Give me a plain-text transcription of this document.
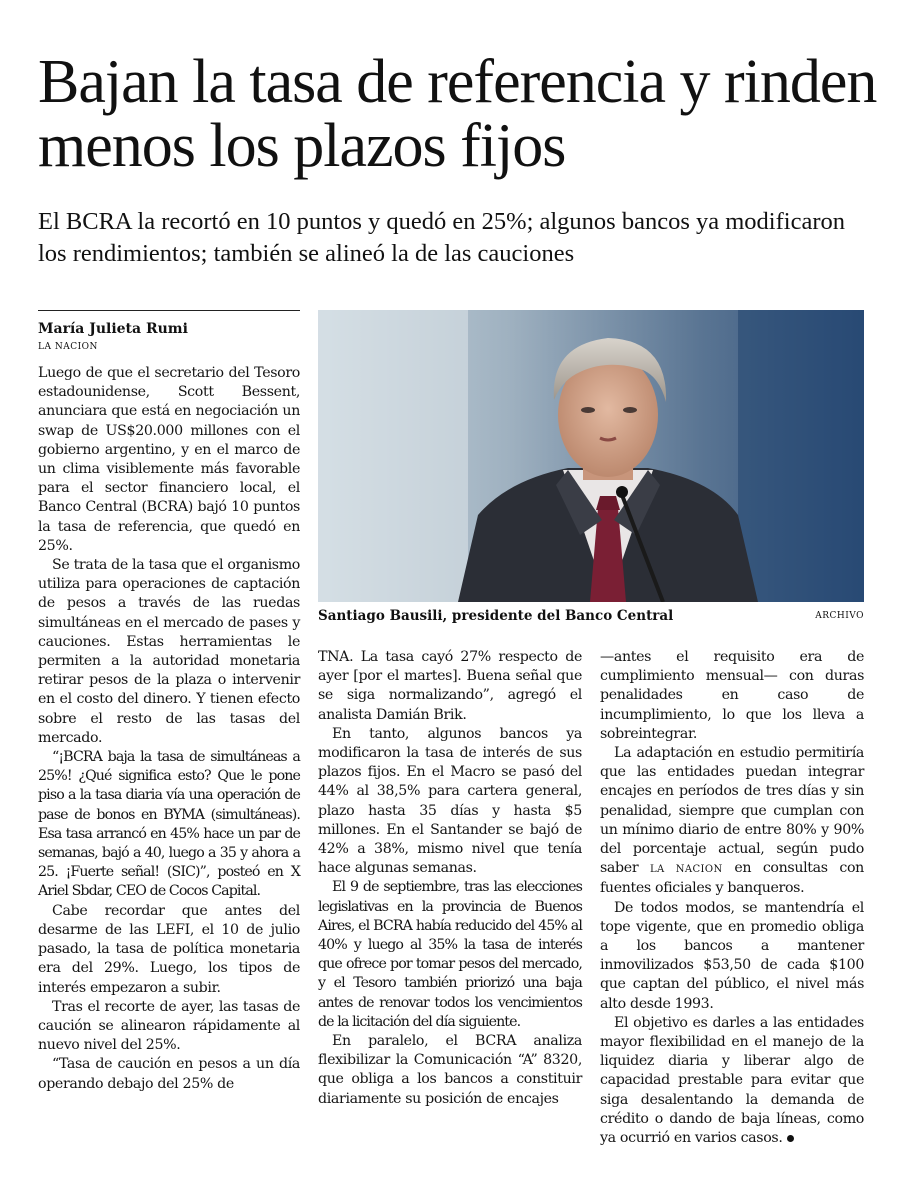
Bajan la tasa de referencia y rinden menos los plazos fijos
El BCRA la recortó en 10 puntos y quedó en 25%; algunos bancos ya modificaron los rendimientos; también se alineó la de las cauciones
María Julieta Rumi
LA NACION
Santiago Bausili, presidente del Banco Central	ARCHIVO

Luego de que el secretario del Tesoro estadounidense, Scott Bessent, anunciara que está en negociación un swap de US$20.000 millones con el gobierno argentino, y en el marco de un clima visiblemente más favorable para el sector financiero local, el Banco Central (BCRA) bajó 10 puntos la tasa de referencia, que quedó en 25%.

Se trata de la tasa que el organismo utiliza para operaciones de captación de pesos a través de las ruedas simultáneas en el mercado de pases y cauciones. Estas herramientas le permiten a la autoridad monetaria retirar pesos de la plaza o intervenir en el costo del dinero. Y tienen efecto sobre el resto de las tasas del mercado.

“¡BCRA baja la tasa de simultáneas a 25%! ¿Qué significa esto? Que le pone piso a la tasa diaria vía una operación de pase de bonos en BYMA (simultáneas). Esa tasa arrancó en 45% hace un par de semanas, bajó a 40, luego a 35 y ahora a 25. ¡Fuerte señal! (SIC)”, posteó en X Ariel Sbdar, CEO de Cocos Capital.

Cabe recordar que antes del desarme de las LEFI, el 10 de julio pasado, la tasa de política monetaria era del 29%. Luego, los tipos de interés empezaron a subir.

Tras el recorte de ayer, las tasas de caución se alinearon rápidamente al nuevo nivel del 25%.

“Tasa de caución en pesos a un día operando debajo del 25% de

TNA. La tasa cayó 27% respecto de ayer [por el martes]. Buena señal que se siga normalizando”, agregó el analista Damián Brik.

En tanto, algunos bancos ya modificaron la tasa de interés de sus plazos fijos. En el Macro se pasó del 44% al 38,5% para cartera general, plazo hasta 35 días y hasta $5 millones. En el Santander se bajó de 42% a 38%, mismo nivel que tenía hace algunas semanas.

El 9 de septiembre, tras las elecciones legislativas en la provincia de Buenos Aires, el BCRA había reducido del 45% al 40% y luego al 35% la tasa de interés que ofrece por tomar pesos del mercado, y el Tesoro también priorizó una baja antes de renovar todos los vencimientos de la licitación del día siguiente.

En paralelo, el BCRA analiza flexibilizar la Comunicación “A” 8320, que obliga a los bancos a constituir diariamente su posición de encajes

—antes el requisito era de cumplimiento mensual— con duras penalidades en caso de incumplimiento, lo que los lleva a sobreintegrar.

La adaptación en estudio permitiría que las entidades puedan integrar encajes en períodos de tres días y sin penalidad, siempre que cumplan con un mínimo diario de entre 80% y 90% del porcentaje actual, según pudo saber LA NACION en consultas con fuentes oficiales y banqueros.

De todos modos, se mantendría el tope vigente, que en promedio obliga a los bancos a mantener inmovilizados $53,50 de cada $100 que captan del público, el nivel más alto desde 1993.

El objetivo es darles a las entidades mayor flexibilidad en el manejo de la liquidez diaria y liberar algo de capacidad prestable para evitar que siga desalentando la demanda de crédito o dando de baja líneas, como ya ocurrió en varios casos.
